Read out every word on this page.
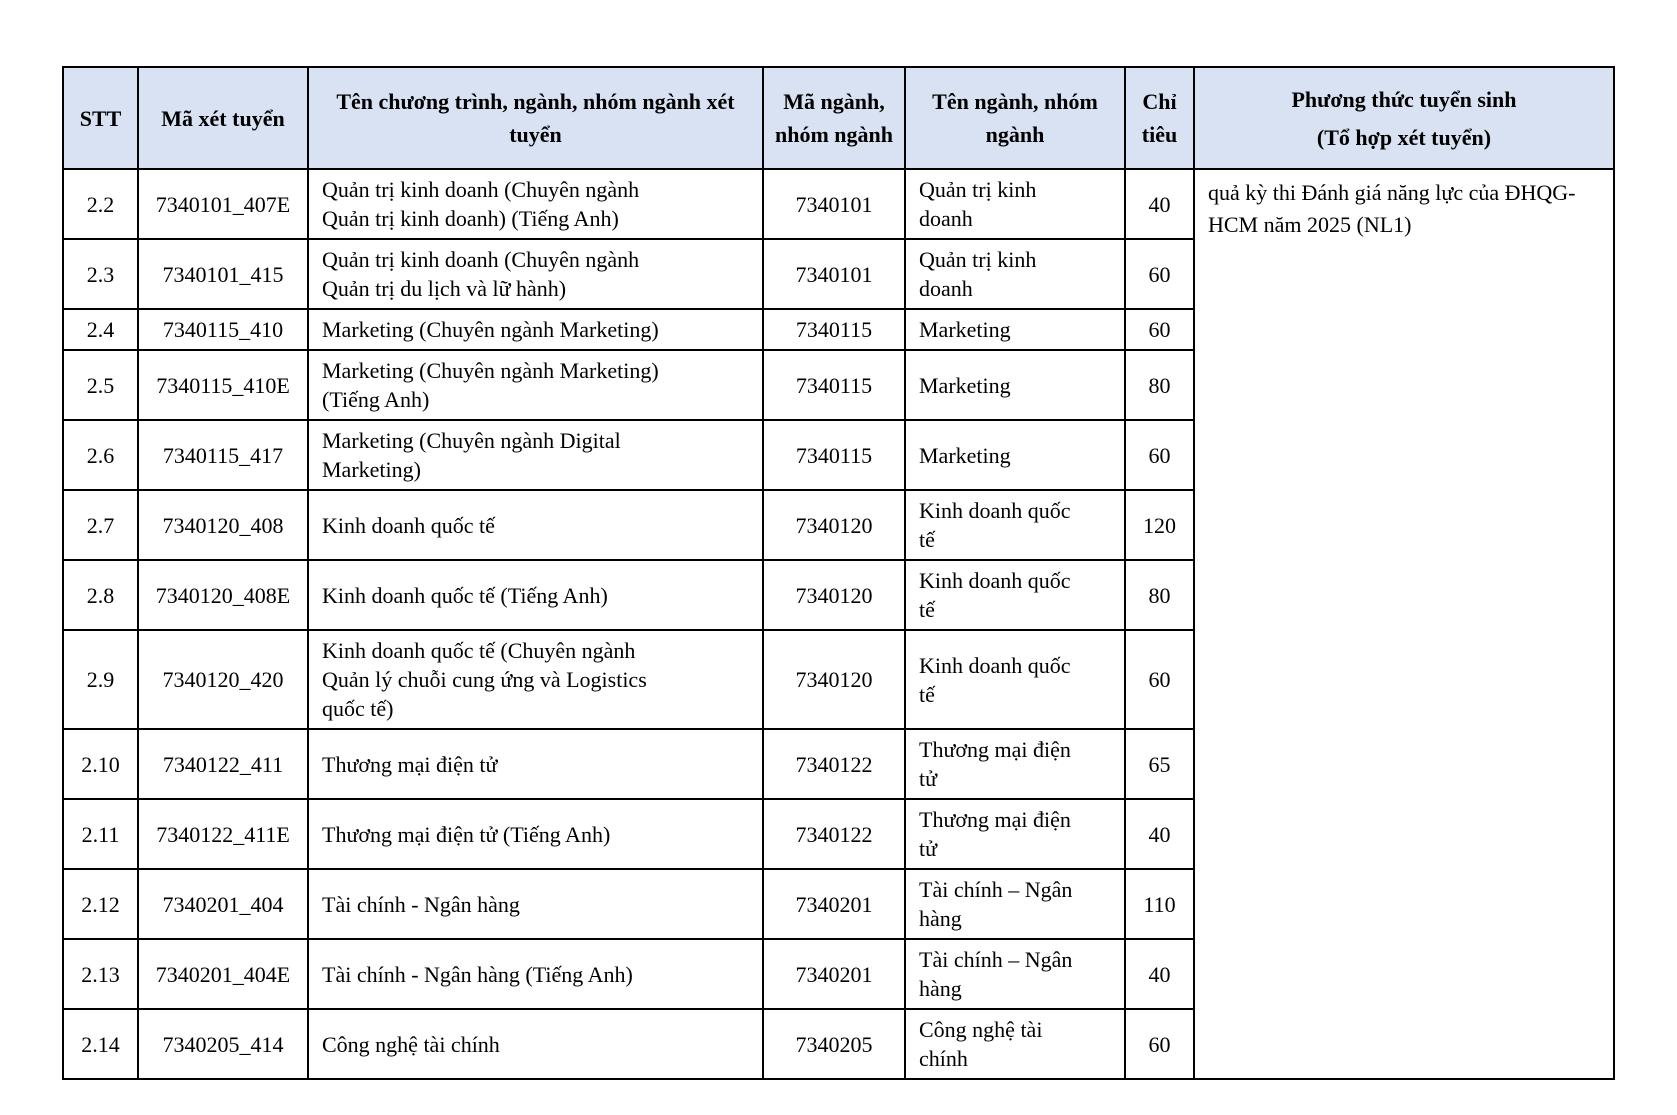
STT	Mã xét tuyển	Tên chương trình, ngành, nhóm ngành xét tuyển	Mã ngành, nhóm ngành	Tên ngành, nhóm ngành	Chỉ tiêu	Phương thức tuyển sinh
(Tổ hợp xét tuyển)

2.2	7340101_407E	Quản trị kinh doanh (Chuyên ngành Quản trị kinh doanh) (Tiếng Anh)	7340101	Quản trị kinh doanh	40	quả kỳ thi Đánh giá năng lực của ĐHQG-HCM năm 2025 (NL1)
2.3	7340101_415	Quản trị kinh doanh (Chuyên ngành Quản trị du lịch và lữ hành)	7340101	Quản trị kinh doanh	60	
2.4	7340115_410	Marketing (Chuyên ngành Marketing)	7340115	Marketing	60	
2.5	7340115_410E	Marketing (Chuyên ngành Marketing) (Tiếng Anh)	7340115	Marketing	80	
2.6	7340115_417	Marketing (Chuyên ngành Digital Marketing)	7340115	Marketing	60	
2.7	7340120_408	Kinh doanh quốc tế	7340120	Kinh doanh quốc tế	120	
2.8	7340120_408E	Kinh doanh quốc tế (Tiếng Anh)	7340120	Kinh doanh quốc tế	80	
2.9	7340120_420	Kinh doanh quốc tế (Chuyên ngành Quản lý chuỗi cung ứng và Logistics quốc tế)	7340120	Kinh doanh quốc tế	60	
2.10	7340122_411	Thương mại điện tử	7340122	Thương mại điện tử	65	
2.11	7340122_411E	Thương mại điện tử (Tiếng Anh)	7340122	Thương mại điện tử	40	
2.12	7340201_404	Tài chính - Ngân hàng	7340201	Tài chính – Ngân hàng	110	
2.13	7340201_404E	Tài chính - Ngân hàng (Tiếng Anh)	7340201	Tài chính – Ngân hàng	40	
2.14	7340205_414	Công nghệ tài chính	7340205	Công nghệ tài chính	60	
